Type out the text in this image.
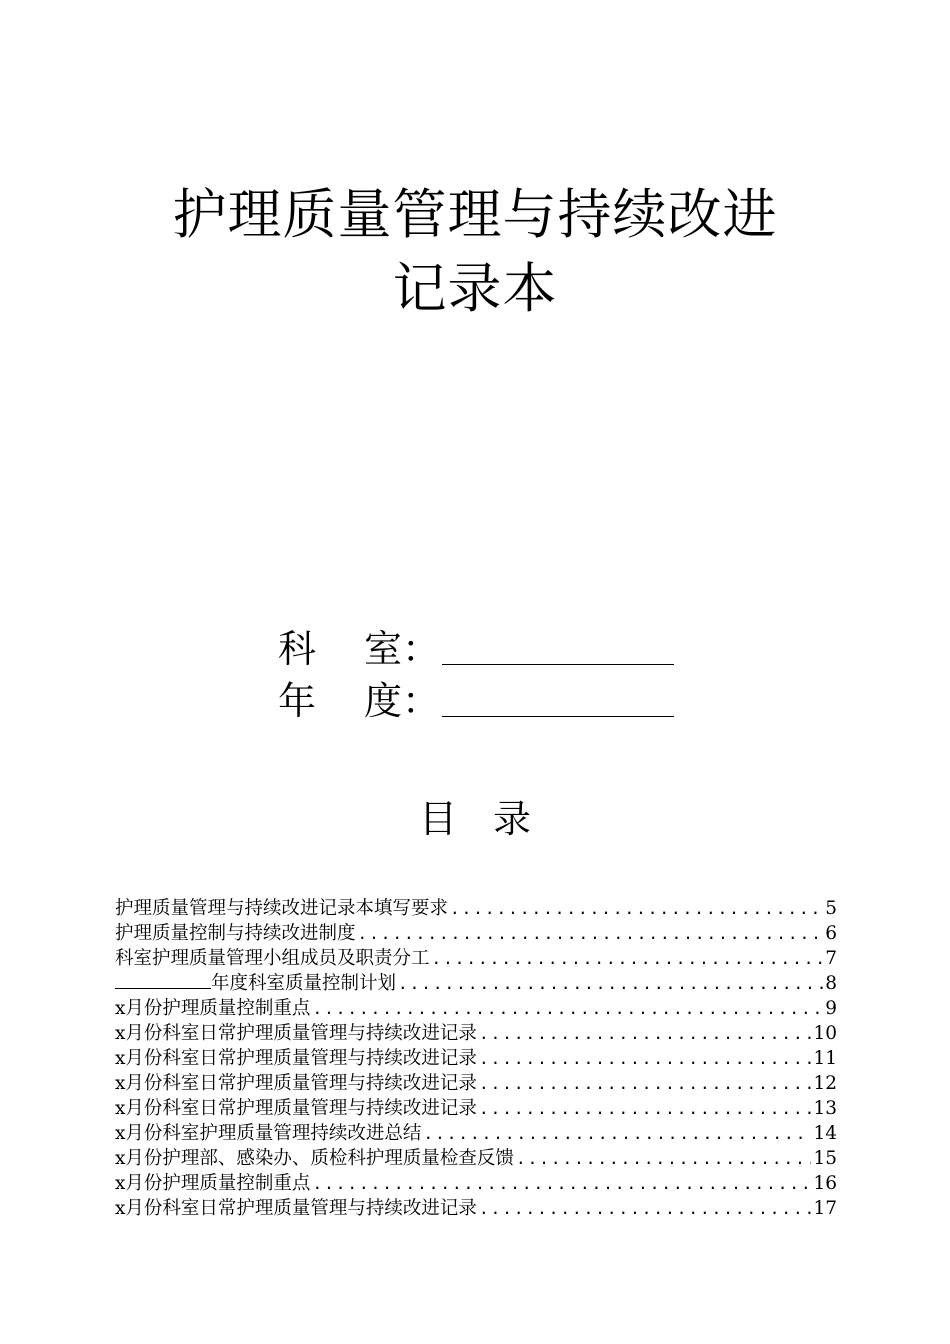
护理质量管理与持续改进
记录本
科 室：
年 度：
目 录
护理质量管理与持续改进记录本填写要求 .....	5
护理质量控制与持续改进制度 .....	6
科室护理质量管理小组成员及职责分工 .....	7
年度科室质量控制计划 .....	8
x月份护理质量控制重点 .....	9
x月份科室日常护理质量管理与持续改进记录 .....	10
x月份科室日常护理质量管理与持续改进记录 .....	11
x月份科室日常护理质量管理与持续改进记录 .....	12
x月份科室日常护理质量管理与持续改进记录 .....	13
x月份科室护理质量管理持续改进总结 .....	14
x月份护理部、感染办、质检科护理质量检查反馈 .....	15
x月份护理质量控制重点 .....	16
x月份科室日常护理质量管理与持续改进记录 .....	17
